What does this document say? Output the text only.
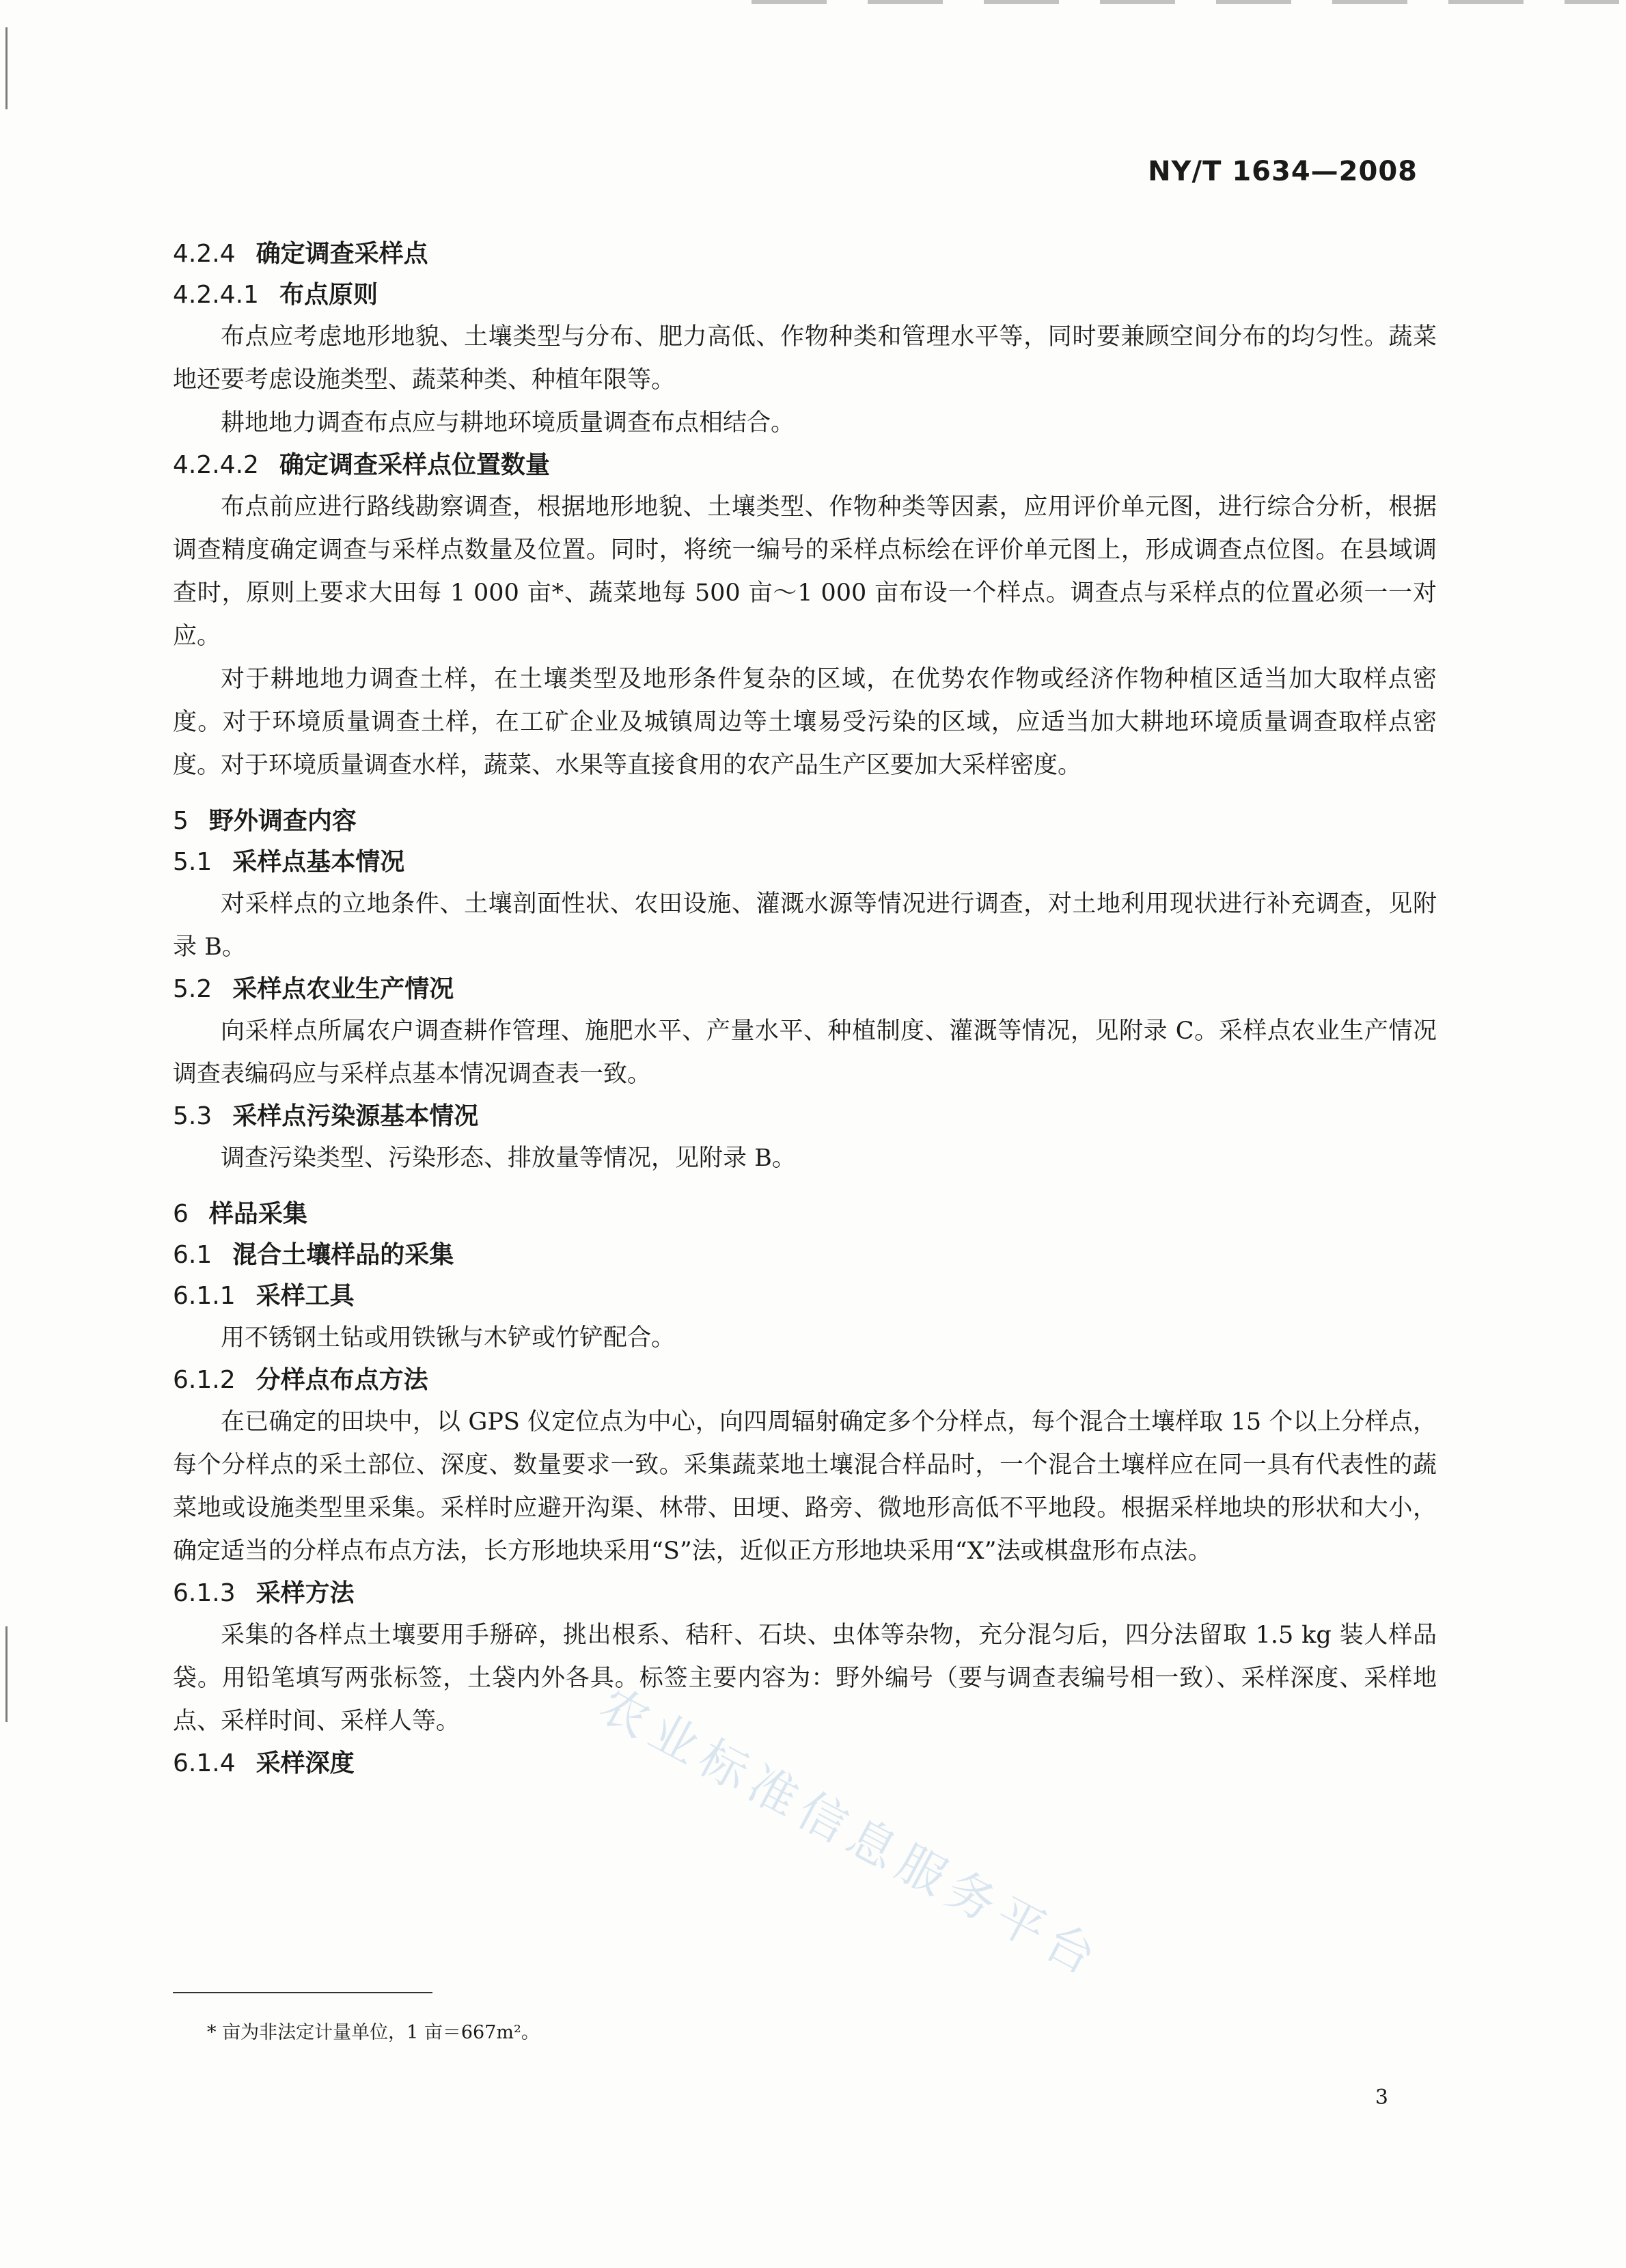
NY/T 1634—2008
4.2.4 确定调查采样点
4.2.4.1 布点原则
布点应考虑地形地貌、土壤类型与分布、肥力高低、作物种类和管理水平等，同时要兼顾空间分布的均匀性。蔬菜地还要考虑设施类型、蔬菜种类、种植年限等。
耕地地力调查布点应与耕地环境质量调查布点相结合。
4.2.4.2 确定调查采样点位置数量
布点前应进行路线勘察调查，根据地形地貌、土壤类型、作物种类等因素，应用评价单元图，进行综合分析，根据调查精度确定调查与采样点数量及位置。同时，将统一编号的采样点标绘在评价单元图上，形成调查点位图。在县域调查时，原则上要求大田每 1 000 亩*、蔬菜地每 500 亩～1 000 亩布设一个样点。调查点与采样点的位置必须一一对应。
对于耕地地力调查土样，在土壤类型及地形条件复杂的区域，在优势农作物或经济作物种植区适当加大取样点密度。对于环境质量调查土样，在工矿企业及城镇周边等土壤易受污染的区域，应适当加大耕地环境质量调查取样点密度。对于环境质量调查水样，蔬菜、水果等直接食用的农产品生产区要加大采样密度。
5 野外调查内容
5.1 采样点基本情况
对采样点的立地条件、土壤剖面性状、农田设施、灌溉水源等情况进行调查，对土地利用现状进行补充调查，见附录 B。
5.2 采样点农业生产情况
向采样点所属农户调查耕作管理、施肥水平、产量水平、种植制度、灌溉等情况，见附录 C。采样点农业生产情况调查表编码应与采样点基本情况调查表一致。
5.3 采样点污染源基本情况
调查污染类型、污染形态、排放量等情况，见附录 B。
6 样品采集
6.1 混合土壤样品的采集
6.1.1 采样工具
用不锈钢土钻或用铁锹与木铲或竹铲配合。
6.1.2 分样点布点方法
在已确定的田块中，以 GPS 仪定位点为中心，向四周辐射确定多个分样点，每个混合土壤样取 15 个以上分样点，每个分样点的采土部位、深度、数量要求一致。采集蔬菜地土壤混合样品时，一个混合土壤样应在同一具有代表性的蔬菜地或设施类型里采集。采样时应避开沟渠、林带、田埂、路旁、微地形高低不平地段。根据采样地块的形状和大小，确定适当的分样点布点方法，长方形地块采用“S”法，近似正方形地块采用“X”法或棋盘形布点法。
6.1.3 采样方法
采集的各样点土壤要用手掰碎，挑出根系、秸秆、石块、虫体等杂物，充分混匀后，四分法留取 1.5 kg 装人样品袋。用铅笔填写两张标签，土袋内外各具。标签主要内容为：野外编号（要与调查表编号相一致）、采样深度、采样地点、采样时间、采样人等。
6.1.4 采样深度	农业标准信息服务平台
* 亩为非法定计量单位，1 亩＝667m²。
3
